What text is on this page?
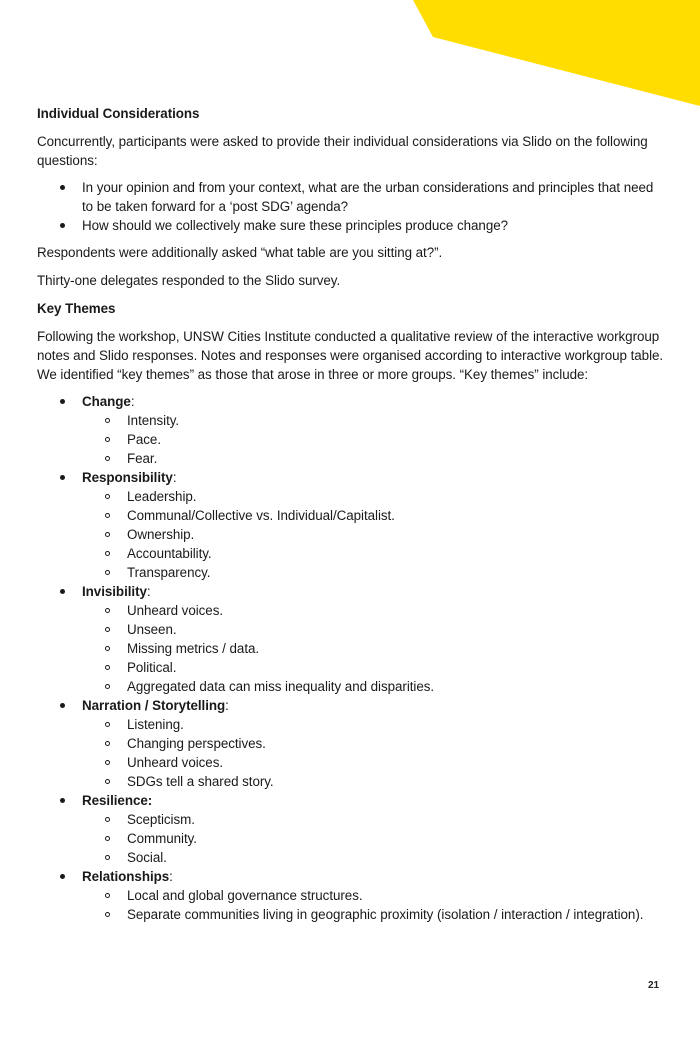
Individual Considerations
Concurrently, participants were asked to provide their individual considerations via Slido on the following questions:
In your opinion and from your context, what are the urban considerations and principles that need to be taken forward for a ‘post SDG’ agenda?
How should we collectively make sure these principles produce change?
Respondents were additionally asked “what table are you sitting at?”.
Thirty-one delegates responded to the Slido survey.
Key Themes
Following the workshop, UNSW Cities Institute conducted a qualitative review of the interactive workgroup notes and Slido responses. Notes and responses were organised according to interactive workgroup table. We identified “key themes” as those that arose in three or more groups. “Key themes” include:
Change:
Intensity.
Pace.
Fear.
Responsibility:
Leadership.
Communal/Collective vs. Individual/Capitalist.
Ownership.
Accountability.
Transparency.
Invisibility:
Unheard voices.
Unseen.
Missing metrics / data.
Political.
Aggregated data can miss inequality and disparities.
Narration / Storytelling:
Listening.
Changing perspectives.
Unheard voices.
SDGs tell a shared story.
Resilience:
Scepticism.
Community.
Social.
Relationships:
Local and global governance structures.
Separate communities living in geographic proximity (isolation / interaction / integration).
21
